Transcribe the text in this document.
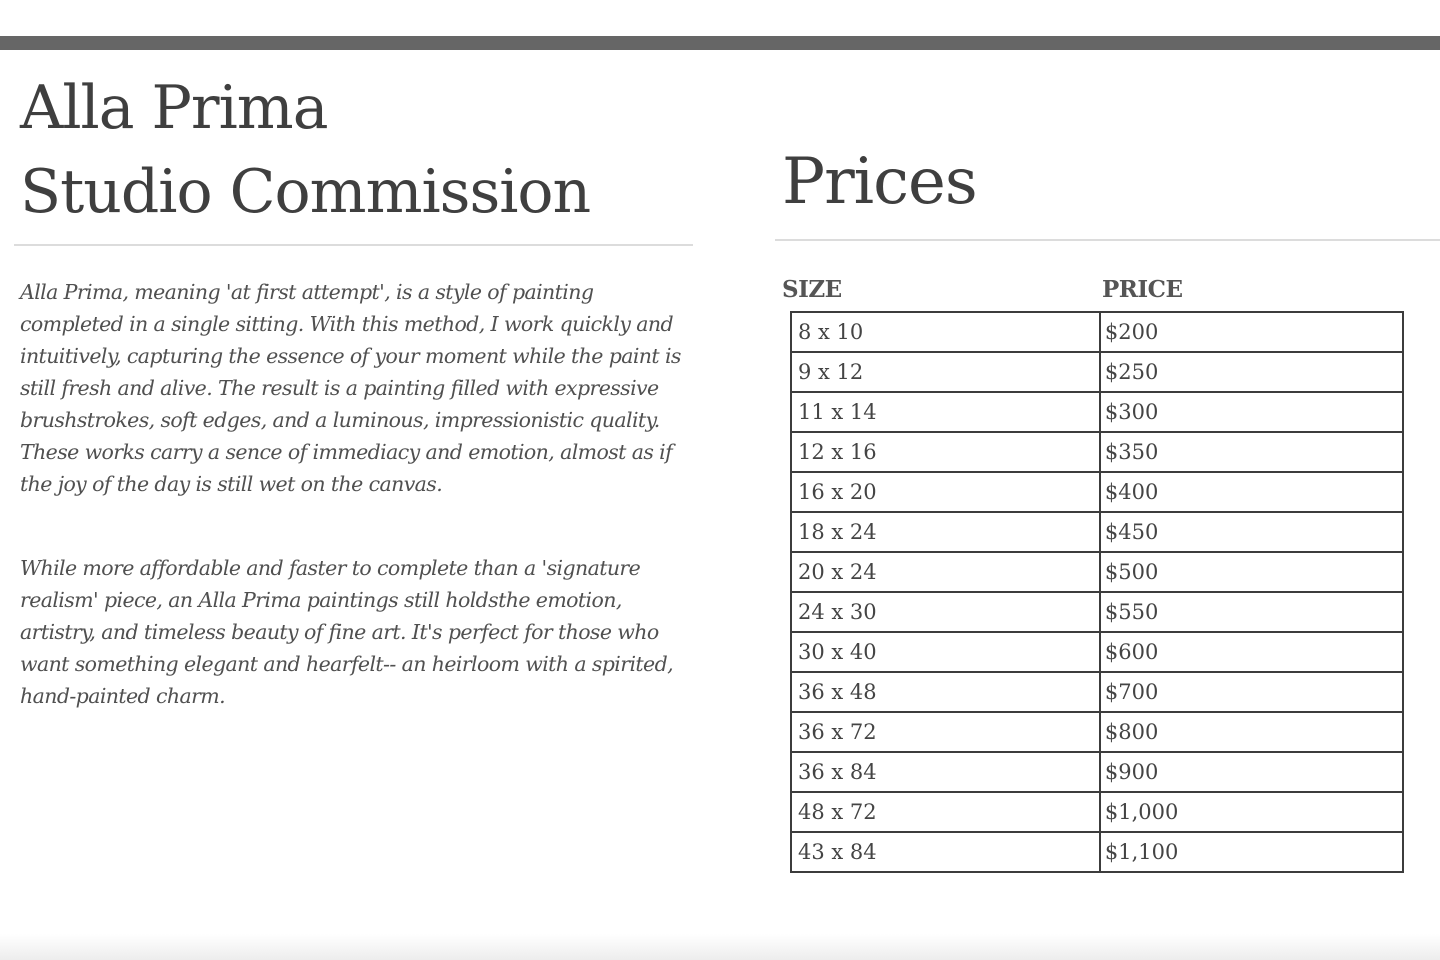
Alla Prima
Studio Commission

Alla Prima, meaning 'at first attempt', is a style of painting completed in a single sitting. With this method, I work quickly and intuitively, capturing the essence of your moment while the paint is still fresh and alive. The result is a painting filled with expressive brushstrokes, soft edges, and a luminous, impressionistic quality. These works carry a sence of immediacy and emotion, almost as if the joy of the day is still wet on the canvas.

While more affordable and faster to complete than a 'signature realism' piece, an Alla Prima paintings still holdsthe emotion, artistry, and timeless beauty of fine art. It's perfect for those who want something elegant and hearfelt-- an heirloom with a spirited, hand-painted charm.

Prices
SIZE	PRICE
8 x 10	$200
9 x 12	$250
11 x 14	$300
12 x 16	$350
16 x 20	$400
18 x 24	$450
20 x 24	$500
24 x 30	$550
30 x 40	$600
36 x 48	$700
36 x 72	$800
36 x 84	$900
48 x 72	$1,000
43 x 84	$1,100
